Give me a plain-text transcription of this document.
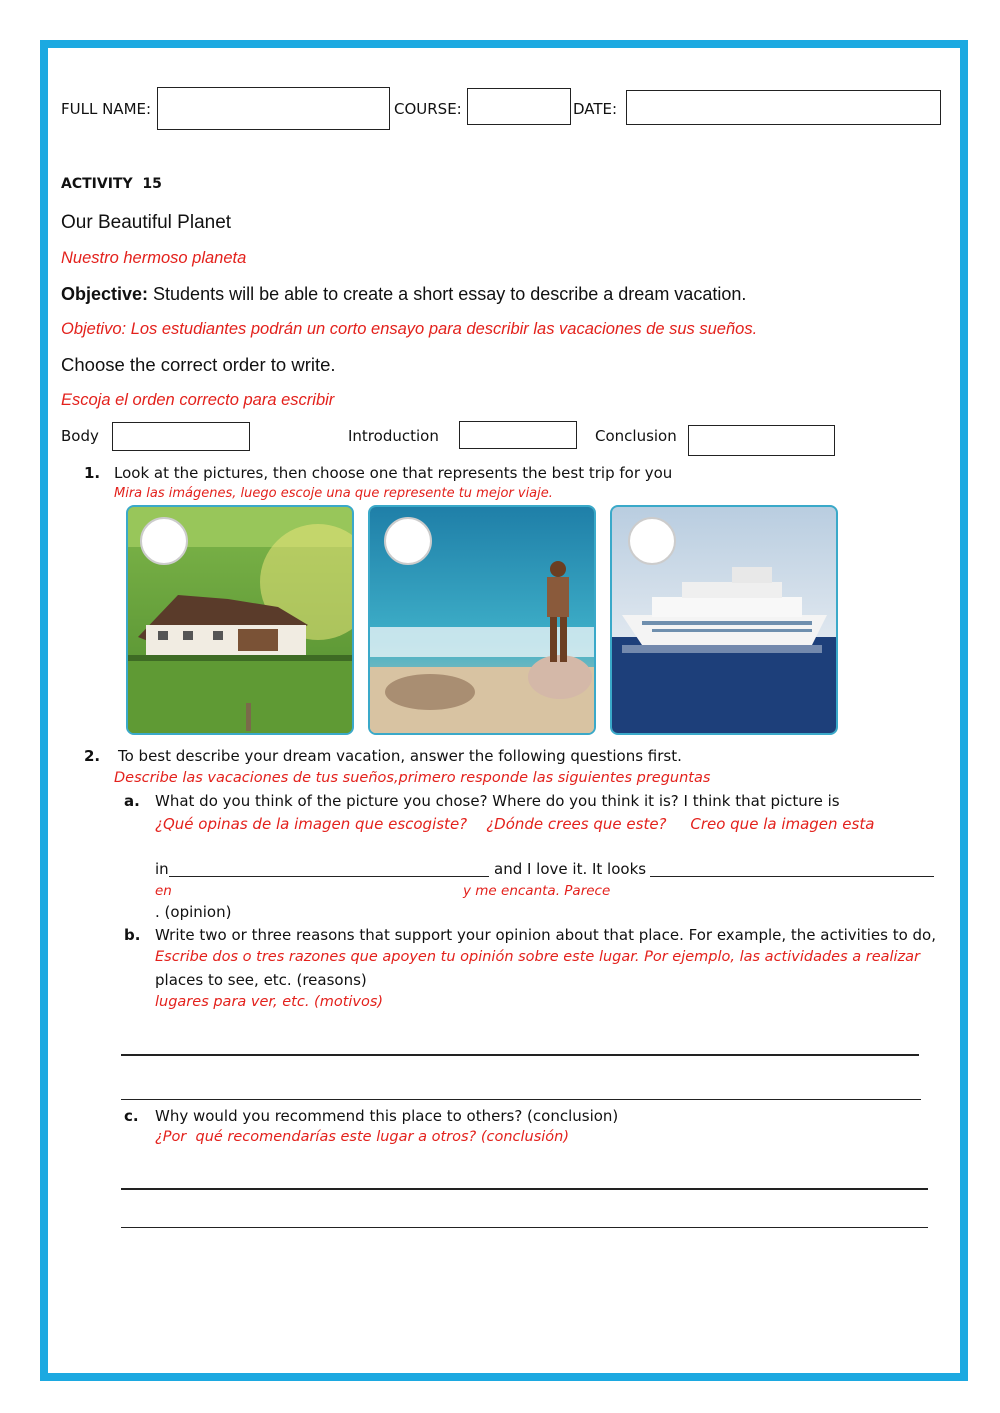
FULL NAME:	COURSE:	DATE:
ACTIVITY  15
Our Beautiful Planet
Nuestro hermoso planeta
Objective: Students will be able to create a short essay to describe a dream vacation.
Objetivo: Los estudiantes podrán un corto ensayo para describir las vacaciones de sus sueños.
Choose the correct order to write.
Escoja el orden correcto para escribir
Body	Introduction	Conclusion
1. Look at the pictures, then choose one that represents the best trip for you
Mira las imágenes, luego escoje una que represente tu mejor viaje.
2. To best describe your dream vacation, answer the following questions first.
Describe las vacaciones de tus sueños,primero responde las siguientes preguntas
a. What do you think of the picture you chose? Where do you think it is? I think that picture is
¿Qué opinas de la imagen que escogiste?    ¿Dónde crees que este?     Creo que la imagen esta
in	and I love it. It looks
en	y me encanta. Parece
. (opinion)
b. Write two or three reasons that support your opinion about that place. For example, the activities to do,
Escribe dos o tres razones que apoyen tu opinión sobre este lugar. Por ejemplo, las actividades a realizar
places to see, etc. (reasons)
lugares para ver, etc. (motivos)
c. Why would you recommend this place to others? (conclusion)
¿Por  qué recomendarías este lugar a otros? (conclusión)
